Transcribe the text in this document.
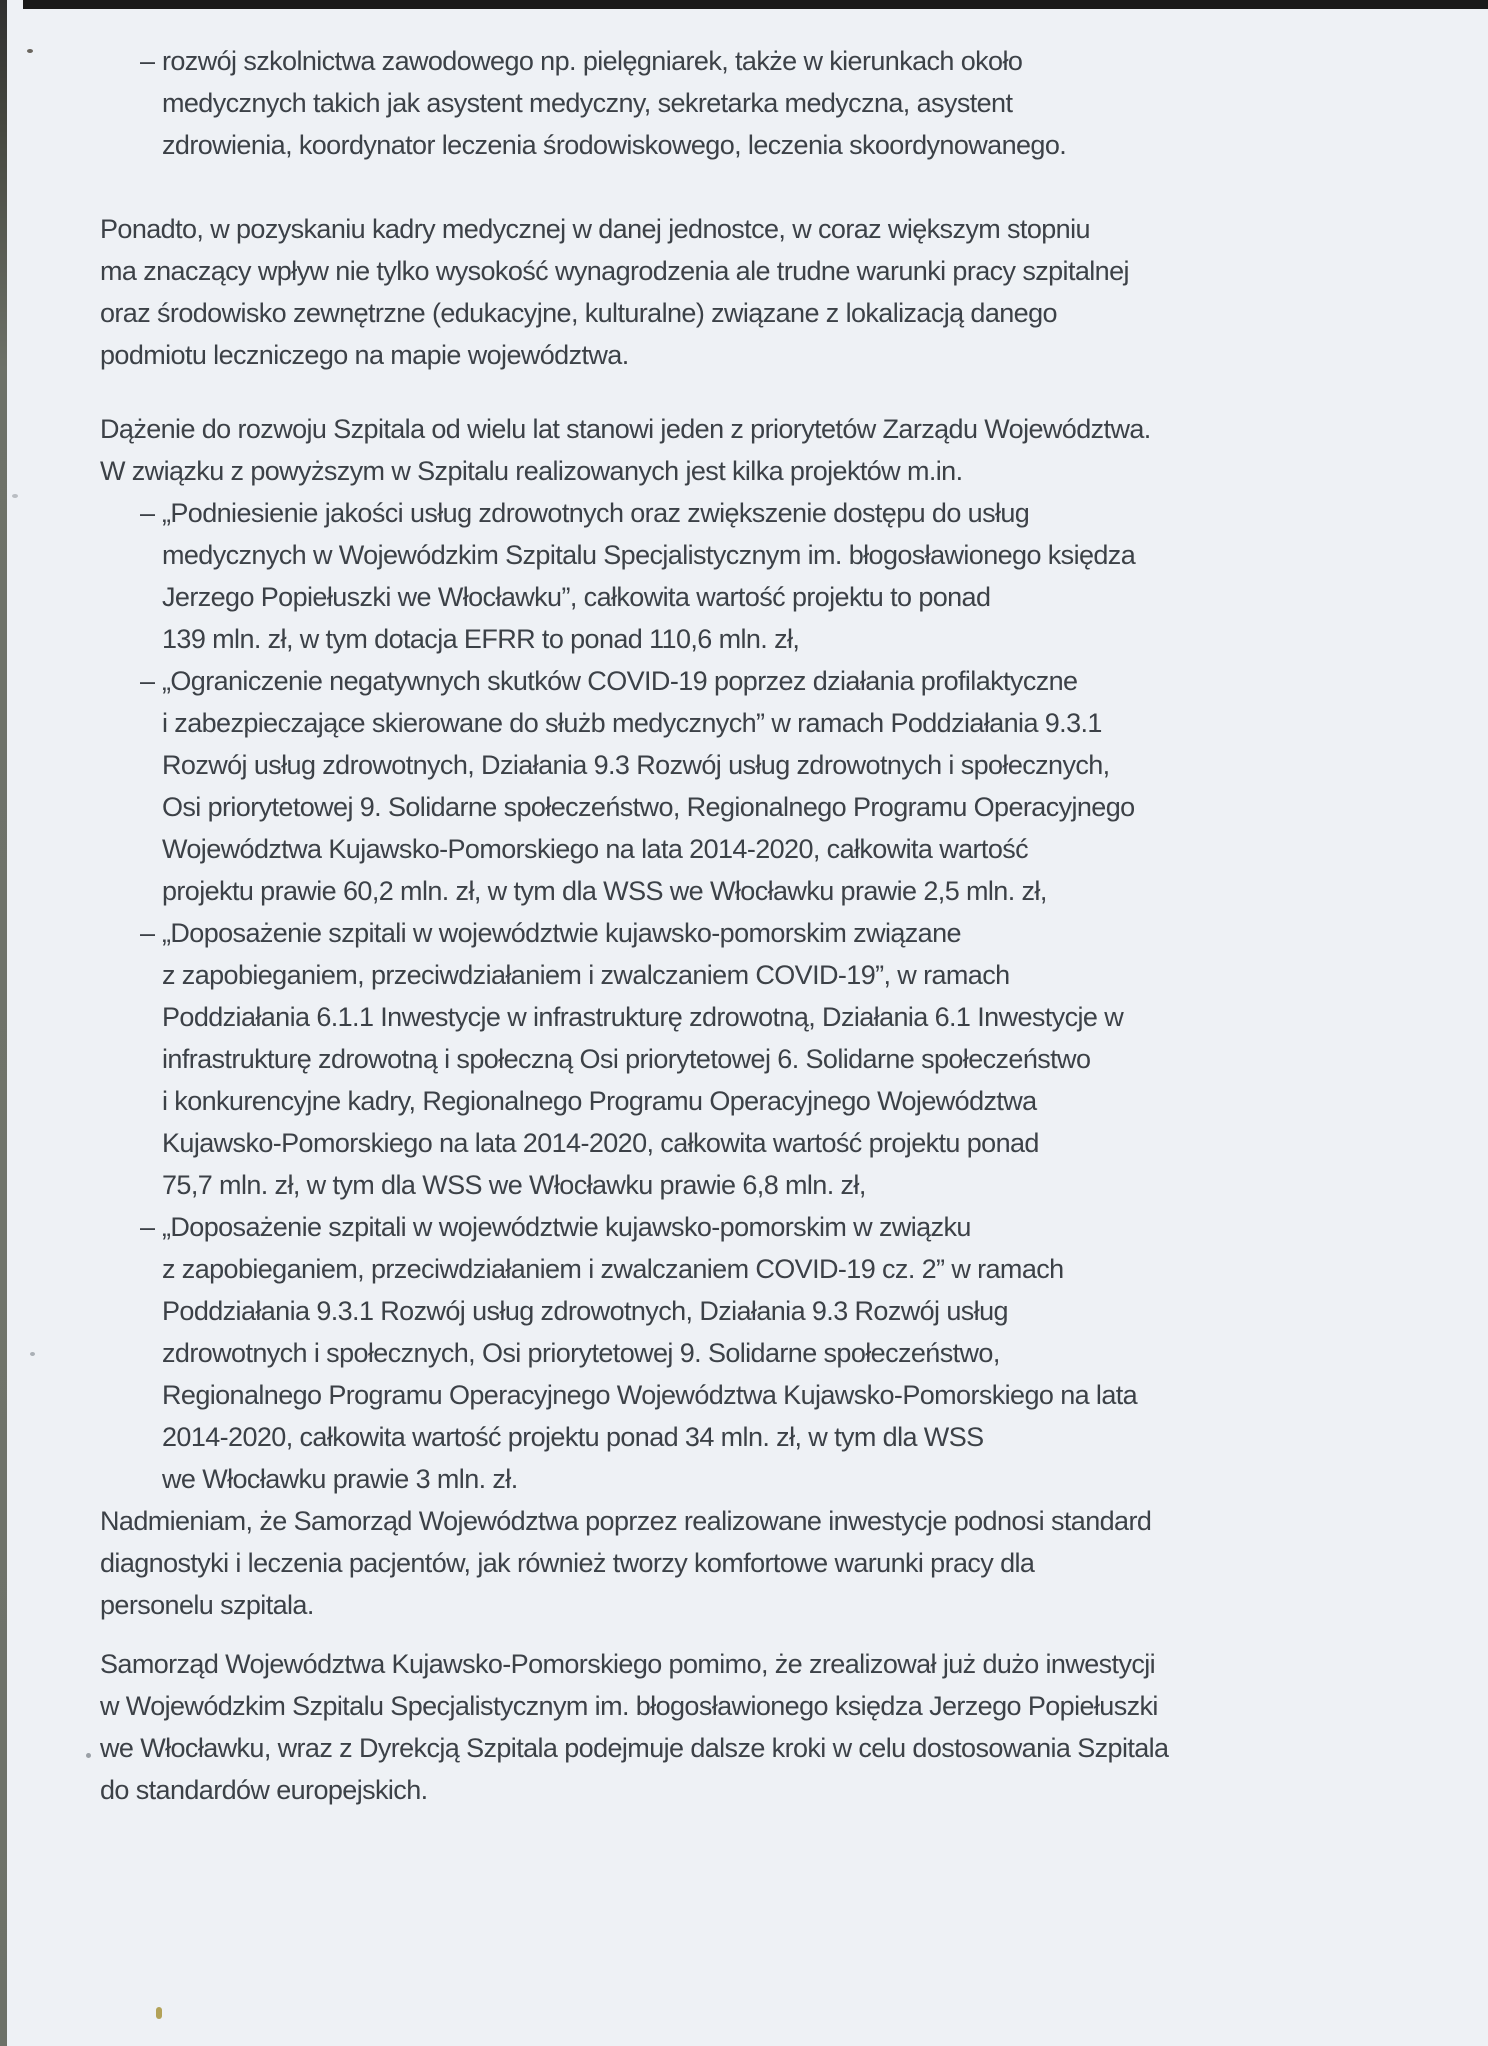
– rozwój szkolnictwa zawodowego np. pielęgniarek, także w kierunkach około
medycznych takich jak asystent medyczny, sekretarka medyczna, asystent
zdrowienia, koordynator leczenia środowiskowego, leczenia skoordynowanego.
Ponadto, w pozyskaniu kadry medycznej w danej jednostce, w coraz większym stopniu
ma znaczący wpływ nie tylko wysokość wynagrodzenia ale trudne warunki pracy szpitalnej
oraz środowisko zewnętrzne (edukacyjne, kulturalne) związane z lokalizacją danego
podmiotu leczniczego na mapie województwa.
Dążenie do rozwoju Szpitala od wielu lat stanowi jeden z priorytetów Zarządu Województwa.
W związku z powyższym w Szpitalu realizowanych jest kilka projektów m.in.
– „Podniesienie jakości usług zdrowotnych oraz zwiększenie dostępu do usług
medycznych w Wojewódzkim Szpitalu Specjalistycznym im. błogosławionego księdza
Jerzego Popiełuszki we Włocławku”, całkowita wartość projektu to ponad
139 mln. zł, w tym dotacja EFRR to ponad 110,6 mln. zł,
– „Ograniczenie negatywnych skutków COVID-19 poprzez działania profilaktyczne
i zabezpieczające skierowane do służb medycznych” w ramach Poddziałania 9.3.1
Rozwój usług zdrowotnych, Działania 9.3 Rozwój usług zdrowotnych i społecznych,
Osi priorytetowej 9. Solidarne społeczeństwo, Regionalnego Programu Operacyjnego
Województwa Kujawsko-Pomorskiego na lata 2014-2020, całkowita wartość
projektu prawie 60,2 mln. zł, w tym dla WSS we Włocławku prawie 2,5 mln. zł,
– „Doposażenie szpitali w województwie kujawsko-pomorskim związane
z zapobieganiem, przeciwdziałaniem i zwalczaniem COVID-19”, w ramach
Poddziałania 6.1.1 Inwestycje w infrastrukturę zdrowotną, Działania 6.1 Inwestycje w
infrastrukturę zdrowotną i społeczną Osi priorytetowej 6. Solidarne społeczeństwo
i konkurencyjne kadry, Regionalnego Programu Operacyjnego Województwa
Kujawsko-Pomorskiego na lata 2014-2020, całkowita wartość projektu ponad
75,7 mln. zł, w tym dla WSS we Włocławku prawie 6,8 mln. zł,
– „Doposażenie szpitali w województwie kujawsko-pomorskim w związku
z zapobieganiem, przeciwdziałaniem i zwalczaniem COVID-19 cz. 2” w ramach
Poddziałania 9.3.1 Rozwój usług zdrowotnych, Działania 9.3 Rozwój usług
zdrowotnych i społecznych, Osi priorytetowej 9. Solidarne społeczeństwo,
Regionalnego Programu Operacyjnego Województwa Kujawsko-Pomorskiego na lata
2014-2020, całkowita wartość projektu ponad 34 mln. zł, w tym dla WSS
we Włocławku prawie 3 mln. zł.
Nadmieniam, że Samorząd Województwa poprzez realizowane inwestycje podnosi standard
diagnostyki i leczenia pacjentów, jak również tworzy komfortowe warunki pracy dla
personelu szpitala.
Samorząd Województwa Kujawsko-Pomorskiego pomimo, że zrealizował już dużo inwestycji
w Wojewódzkim Szpitalu Specjalistycznym im. błogosławionego księdza Jerzego Popiełuszki
we Włocławku, wraz z Dyrekcją Szpitala podejmuje dalsze kroki w celu dostosowania Szpitala
do standardów europejskich.
